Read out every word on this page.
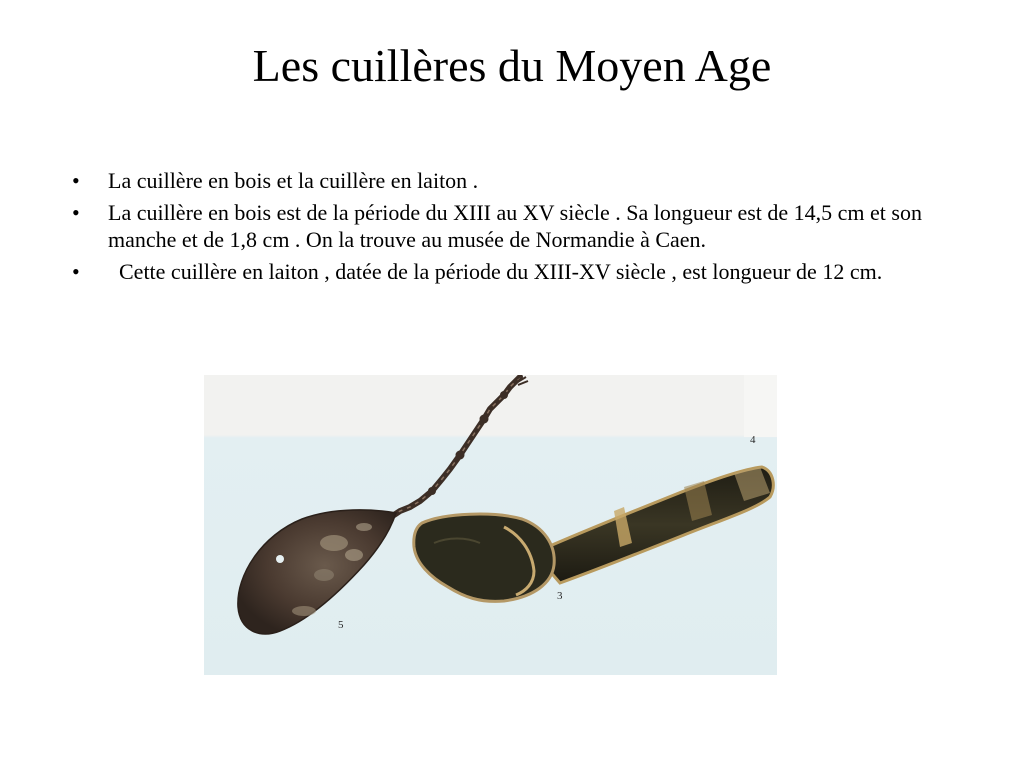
Les cuillères du Moyen Age
• La cuillère en bois et la cuillère en laiton .
• La cuillère en bois est de la période du XIII au XV siècle . Sa longueur est de 14,5 cm et son manche et de 1,8 cm . On la trouve au musée de Normandie à Caen.
• Cette cuillère en laiton , datée de la période du XIII-XV siècle , est longueur de 12 cm.
4
3
5
